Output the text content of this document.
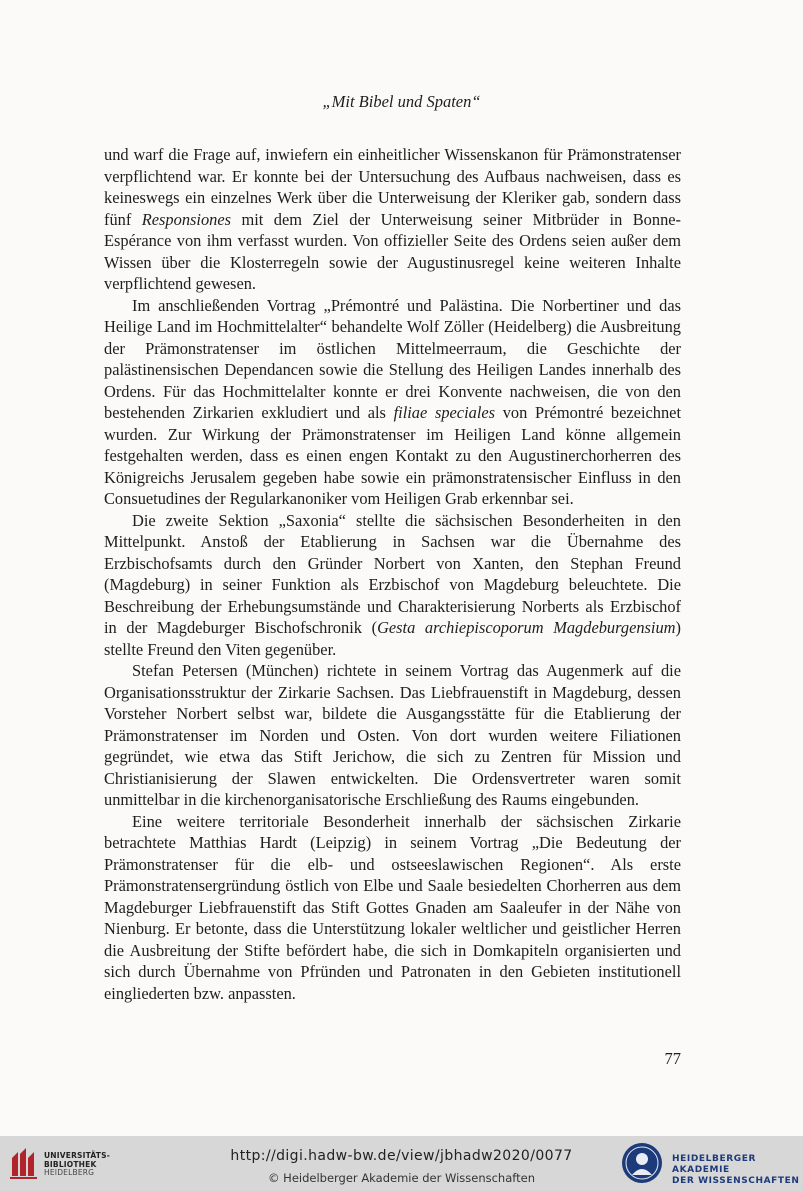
„Mit Bibel und Spaten“

und warf die Frage auf, inwiefern ein einheitlicher Wissenskanon für Prämonstratenser verpflichtend war. Er konnte bei der Untersuchung des Aufbaus nachweisen, dass es keineswegs ein einzelnes Werk über die Unterweisung der Kleriker gab, sondern dass fünf Responsiones mit dem Ziel der Unterweisung seiner Mitbrüder in Bonne-Espérance von ihm verfasst wurden. Von offizieller Seite des Ordens seien außer dem Wissen über die Klosterregeln sowie der Augustinusregel keine weiteren Inhalte verpflichtend gewesen.

Im anschließenden Vortrag „Prémontré und Palästina. Die Norbertiner und das Heilige Land im Hochmittelalter“ behandelte Wolf Zöller (Heidelberg) die Ausbreitung der Prämonstratenser im östlichen Mittelmeerraum, die Geschichte der palästinensischen Dependancen sowie die Stellung des Heiligen Landes innerhalb des Ordens. Für das Hochmittelalter konnte er drei Konvente nachweisen, die von den bestehenden Zirkarien exkludiert und als filiae speciales von Prémontré bezeichnet wurden. Zur Wirkung der Prämonstratenser im Heiligen Land könne allgemein festgehalten werden, dass es einen engen Kontakt zu den Augustinerchorherren des Königreichs Jerusalem gegeben habe sowie ein prämonstratensischer Einfluss in den Consuetudines der Regularkanoniker vom Heiligen Grab erkennbar sei.

Die zweite Sektion „Saxonia“ stellte die sächsischen Besonderheiten in den Mittelpunkt. Anstoß der Etablierung in Sachsen war die Übernahme des Erzbischofsamts durch den Gründer Norbert von Xanten, den Stephan Freund (Magdeburg) in seiner Funktion als Erzbischof von Magdeburg beleuchtete. Die Beschreibung der Erhebungsumstände und Charakterisierung Norberts als Erzbischof in der Magdeburger Bischofschronik (Gesta archiepiscoporum Magdeburgensium) stellte Freund den Viten gegenüber.

Stefan Petersen (München) richtete in seinem Vortrag das Augenmerk auf die Organisationsstruktur der Zirkarie Sachsen. Das Liebfrauenstift in Magdeburg, dessen Vorsteher Norbert selbst war, bildete die Ausgangsstätte für die Etablierung der Prämonstratenser im Norden und Osten. Von dort wurden weitere Filiationen gegründet, wie etwa das Stift Jerichow, die sich zu Zentren für Mission und Christianisierung der Slawen entwickelten. Die Ordensvertreter waren somit unmittelbar in die kirchenorganisatorische Erschließung des Raums eingebunden.

Eine weitere territoriale Besonderheit innerhalb der sächsischen Zirkarie betrachtete Matthias Hardt (Leipzig) in seinem Vortrag „Die Bedeutung der Prämonstratenser für die elb- und ostseeslawischen Regionen“. Als erste Prämonstratensergründung östlich von Elbe und Saale besiedelten Chorherren aus dem Magdeburger Liebfrauenstift das Stift Gottes Gnaden am Saaleufer in der Nähe von Nienburg. Er betonte, dass die Unterstützung lokaler weltlicher und geistlicher Herren die Ausbreitung der Stifte befördert habe, die sich in Domkapiteln organisierten und sich durch Übernahme von Pfründen und Patronaten in den Gebieten institutionell eingliederten bzw. anpassten.

77
UNIVERSITÄTS-
BIBLIOTHEK
HEIDELBERG
http://digi.hadw-bw.de/view/jbhadw2020/0077
© Heidelberger Akademie der Wissenschaften
HEIDELBERGER AKADEMIE
DER WISSENSCHAFTEN
